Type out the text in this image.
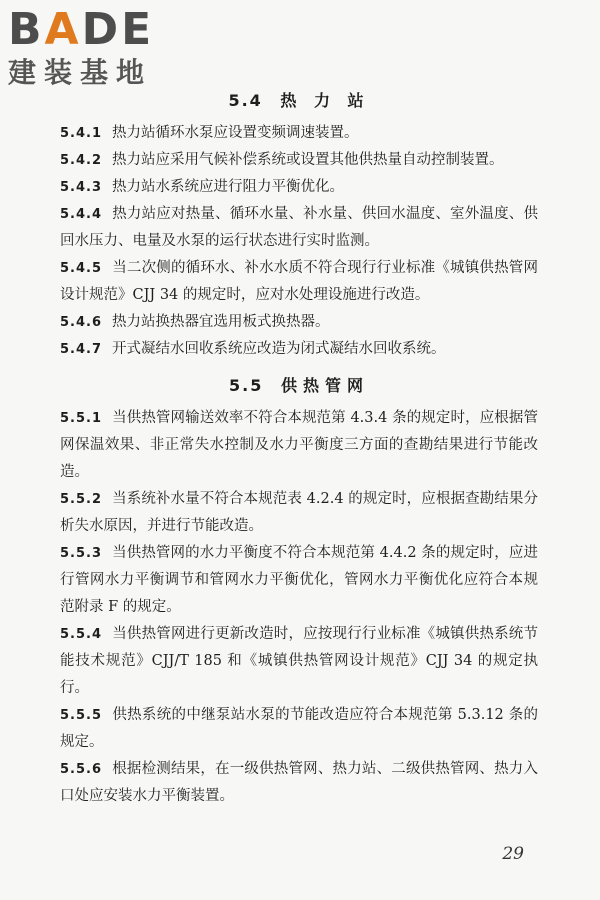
BADE
建装基地
5.4 热 力 站

5.4.1 热力站循环水泵应设置变频调速装置。

5.4.2 热力站应采用气候补偿系统或设置其他供热量自动控制装置。

5.4.3 热力站水系统应进行阻力平衡优化。

5.4.4 热力站应对热量、循环水量、补水量、供回水温度、室外温度、供回水压力、电量及水泵的运行状态进行实时监测。

5.4.5 当二次侧的循环水、补水水质不符合现行行业标准《城镇供热管网设计规范》CJJ 34 的规定时，应对水处理设施进行改造。

5.4.6 热力站换热器宜选用板式换热器。

5.4.7 开式凝结水回收系统应改造为闭式凝结水回收系统。

5.5 供热管网

5.5.1 当供热管网输送效率不符合本规范第 4.3.4 条的规定时，应根据管网保温效果、非正常失水控制及水力平衡度三方面的查勘结果进行节能改造。

5.5.2 当系统补水量不符合本规范表 4.2.4 的规定时，应根据查勘结果分析失水原因，并进行节能改造。

5.5.3 当供热管网的水力平衡度不符合本规范第 4.4.2 条的规定时，应进行管网水力平衡调节和管网水力平衡优化，管网水力平衡优化应符合本规范附录 F 的规定。

5.5.4 当供热管网进行更新改造时，应按现行行业标准《城镇供热系统节能技术规范》CJJ/T 185 和《城镇供热管网设计规范》CJJ 34 的规定执行。

5.5.5 供热系统的中继泵站水泵的节能改造应符合本规范第 5.3.12 条的规定。

5.5.6 根据检测结果，在一级供热管网、热力站、二级供热管网、热力入口处应安装水力平衡装置。

29
